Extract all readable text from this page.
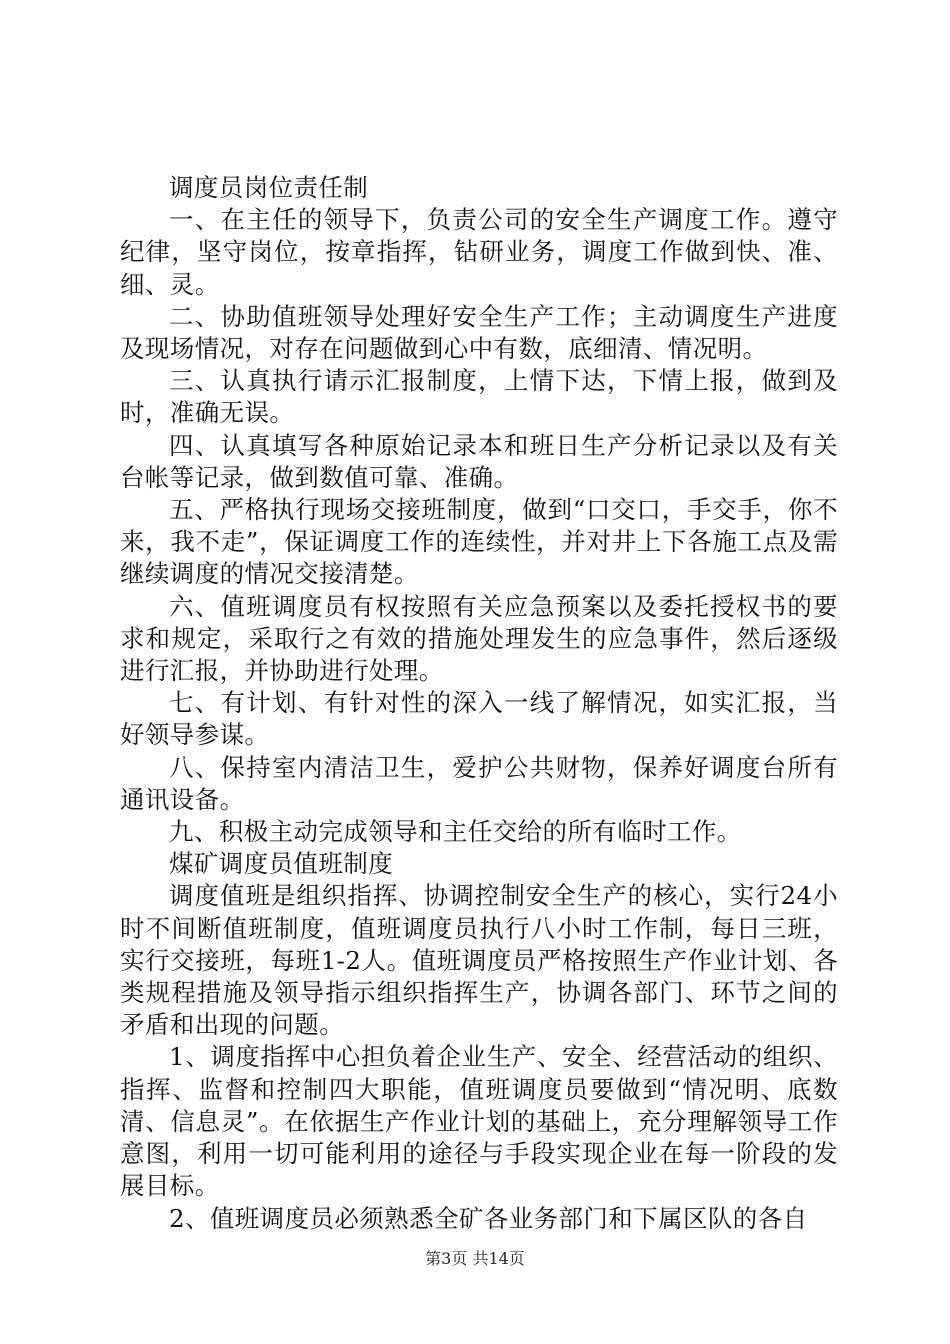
调度员岗位责任制

一、在主任的领导下，负责公司的安全生产调度工作。遵守纪律，坚守岗位，按章指挥，钻研业务，调度工作做到快、准、细、灵。

二、协助值班领导处理好安全生产工作；主动调度生产进度及现场情况，对存在问题做到心中有数，底细清、情况明。

三、认真执行请示汇报制度，上情下达，下情上报，做到及时，准确无误。

四、认真填写各种原始记录本和班日生产分析记录以及有关台帐等记录，做到数值可靠、准确。

五、严格执行现场交接班制度，做到“口交口，手交手，你不来，我不走”，保证调度工作的连续性，并对井上下各施工点及需继续调度的情况交接清楚。

六、值班调度员有权按照有关应急预案以及委托授权书的要求和规定，采取行之有效的措施处理发生的应急事件，然后逐级进行汇报，并协助进行处理。

七、有计划、有针对性的深入一线了解情况，如实汇报，当好领导参谋。

八、保持室内清洁卫生，爱护公共财物，保养好调度台所有通讯设备。

九、积极主动完成领导和主任交给的所有临时工作。

煤矿调度员值班制度

调度值班是组织指挥、协调控制安全生产的核心，实行24小时不间断值班制度，值班调度员执行八小时工作制，每日三班，实行交接班，每班1-2人。值班调度员严格按照生产作业计划、各类规程措施及领导指示组织指挥生产，协调各部门、环节之间的矛盾和出现的问题。

1、调度指挥中心担负着企业生产、安全、经营活动的组织、指挥、监督和控制四大职能，值班调度员要做到“情况明、底数清、信息灵”。在依据生产作业计划的基础上，充分理解领导工作意图，利用一切可能利用的途径与手段实现企业在每一阶段的发展目标。

2、值班调度员必须熟悉全矿各业务部门和下属区队的各自

第3页 共14页
